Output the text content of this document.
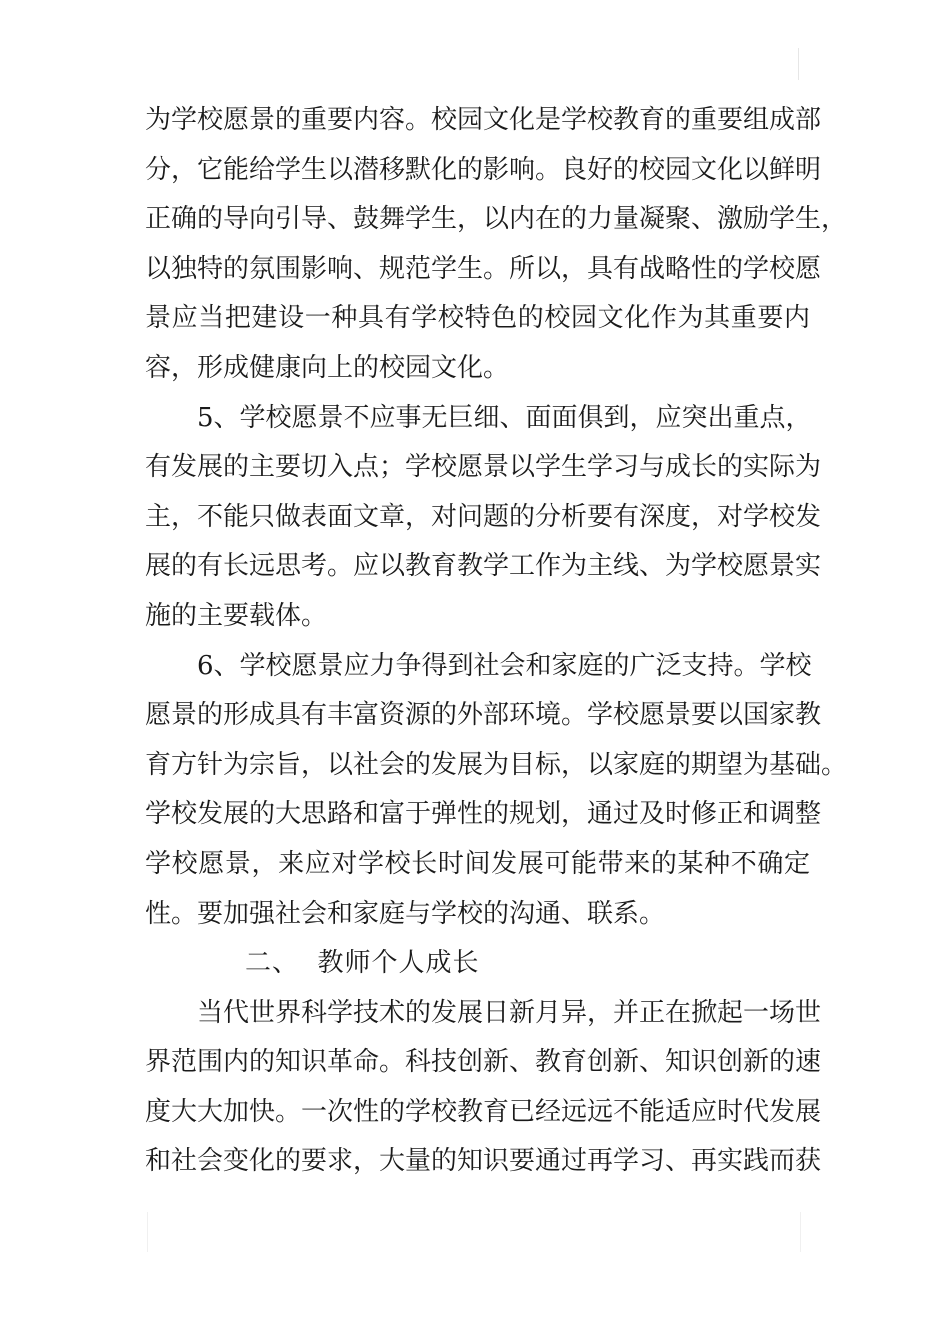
为学校愿景的重要内容。校园文化是学校教育的重要组成部
分，它能给学生以潜移默化的影响。良好的校园文化以鲜明
正确的导向引导、鼓舞学生，以内在的力量凝聚、激励学生，
以独特的氛围影响、规范学生。所以，具有战略性的学校愿
景应当把建设一种具有学校特色的校园文化作为其重要内
容，形成健康向上的校园文化。
5、学校愿景不应事无巨细、面面俱到，应突出重点，
有发展的主要切入点；学校愿景以学生学习与成长的实际为
主，不能只做表面文章，对问题的分析要有深度，对学校发
展的有长远思考。应以教育教学工作为主线、为学校愿景实
施的主要载体。
6、学校愿景应力争得到社会和家庭的广泛支持。学校
愿景的形成具有丰富资源的外部环境。学校愿景要以国家教
育方针为宗旨，以社会的发展为目标，以家庭的期望为基础。
学校发展的大思路和富于弹性的规划，通过及时修正和调整
学校愿景，来应对学校长时间发展可能带来的某种不确定
性。要加强社会和家庭与学校的沟通、联系。
二、  教师个人成长
当代世界科学技术的发展日新月异，并正在掀起一场世
界范围内的知识革命。科技创新、教育创新、知识创新的速
度大大加快。一次性的学校教育已经远远不能适应时代发展
和社会变化的要求，大量的知识要通过再学习、再实践而获
